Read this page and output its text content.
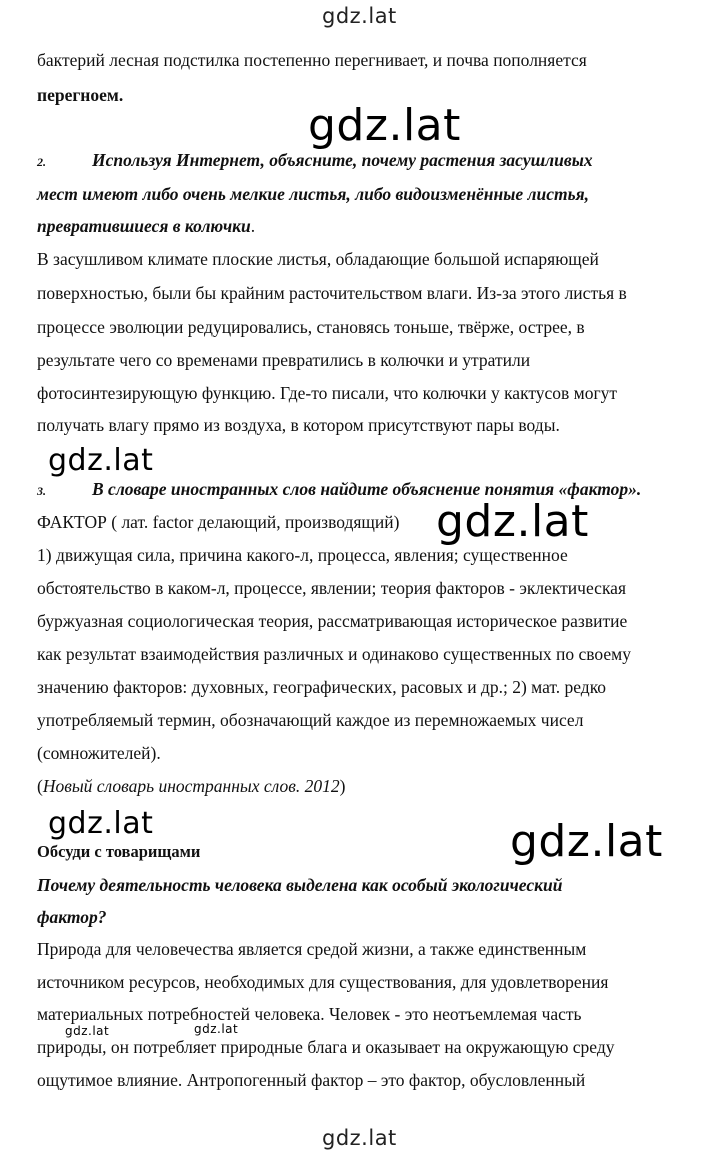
gdz.lat
gdz.lat
gdz.lat
gdz.lat
gdz.lat	gdz.lat
gdz.lat	gdz.lat
gdz.lat
бактерий лесная подстилка постепенно перегнивает, и почва пополняется
перегноем.
2.	Используя Интернет, объясните, почему растения засушливых
мест имеют либо очень мелкие листья, либо видоизменённые листья,
превратившиеся в колючки.
В засушливом климате плоские листья, обладающие большой испаряющей
поверхностью, были бы крайним расточительством влаги. Из-за этого листья в
процессе эволюции редуцировались, становясь тоньше, твёрже, острее, в
результате чего со временами превратились в колючки и утратили
фотосинтезирующую функцию. Где-то писали, что колючки у кактусов могут
получать влагу прямо из воздуха, в котором присутствуют пары воды.
3.	В словаре иностранных слов найдите объяснение понятия «фактор».
ФАКТОР ( лат. factor делающий, производящий)
1) движущая сила, причина какого-л, процесса, явления; существенное
обстоятельство в каком-л, процессе, явлении; теория факторов - эклектическая
буржуазная социологическая теория, рассматривающая историческое развитие
как результат взаимодействия различных и одинаково существенных по своему
значению факторов: духовных, географических, расовых и др.; 2) мат. редко
употребляемый термин, обозначающий каждое из перемножаемых чисел
(сомножителей).
(Новый словарь иностранных слов. 2012)
Обсуди с товарищами
Почему деятельность человека выделена как особый экологический
фактор?
Природа для человечества является средой жизни, а также единственным
источником ресурсов, необходимых для существования, для удовлетворения
материальных потребностей человека. Человек - это неотъемлемая часть
природы, он потребляет природные блага и оказывает на окружающую среду
ощутимое влияние. Антропогенный фактор – это фактор, обусловленный
